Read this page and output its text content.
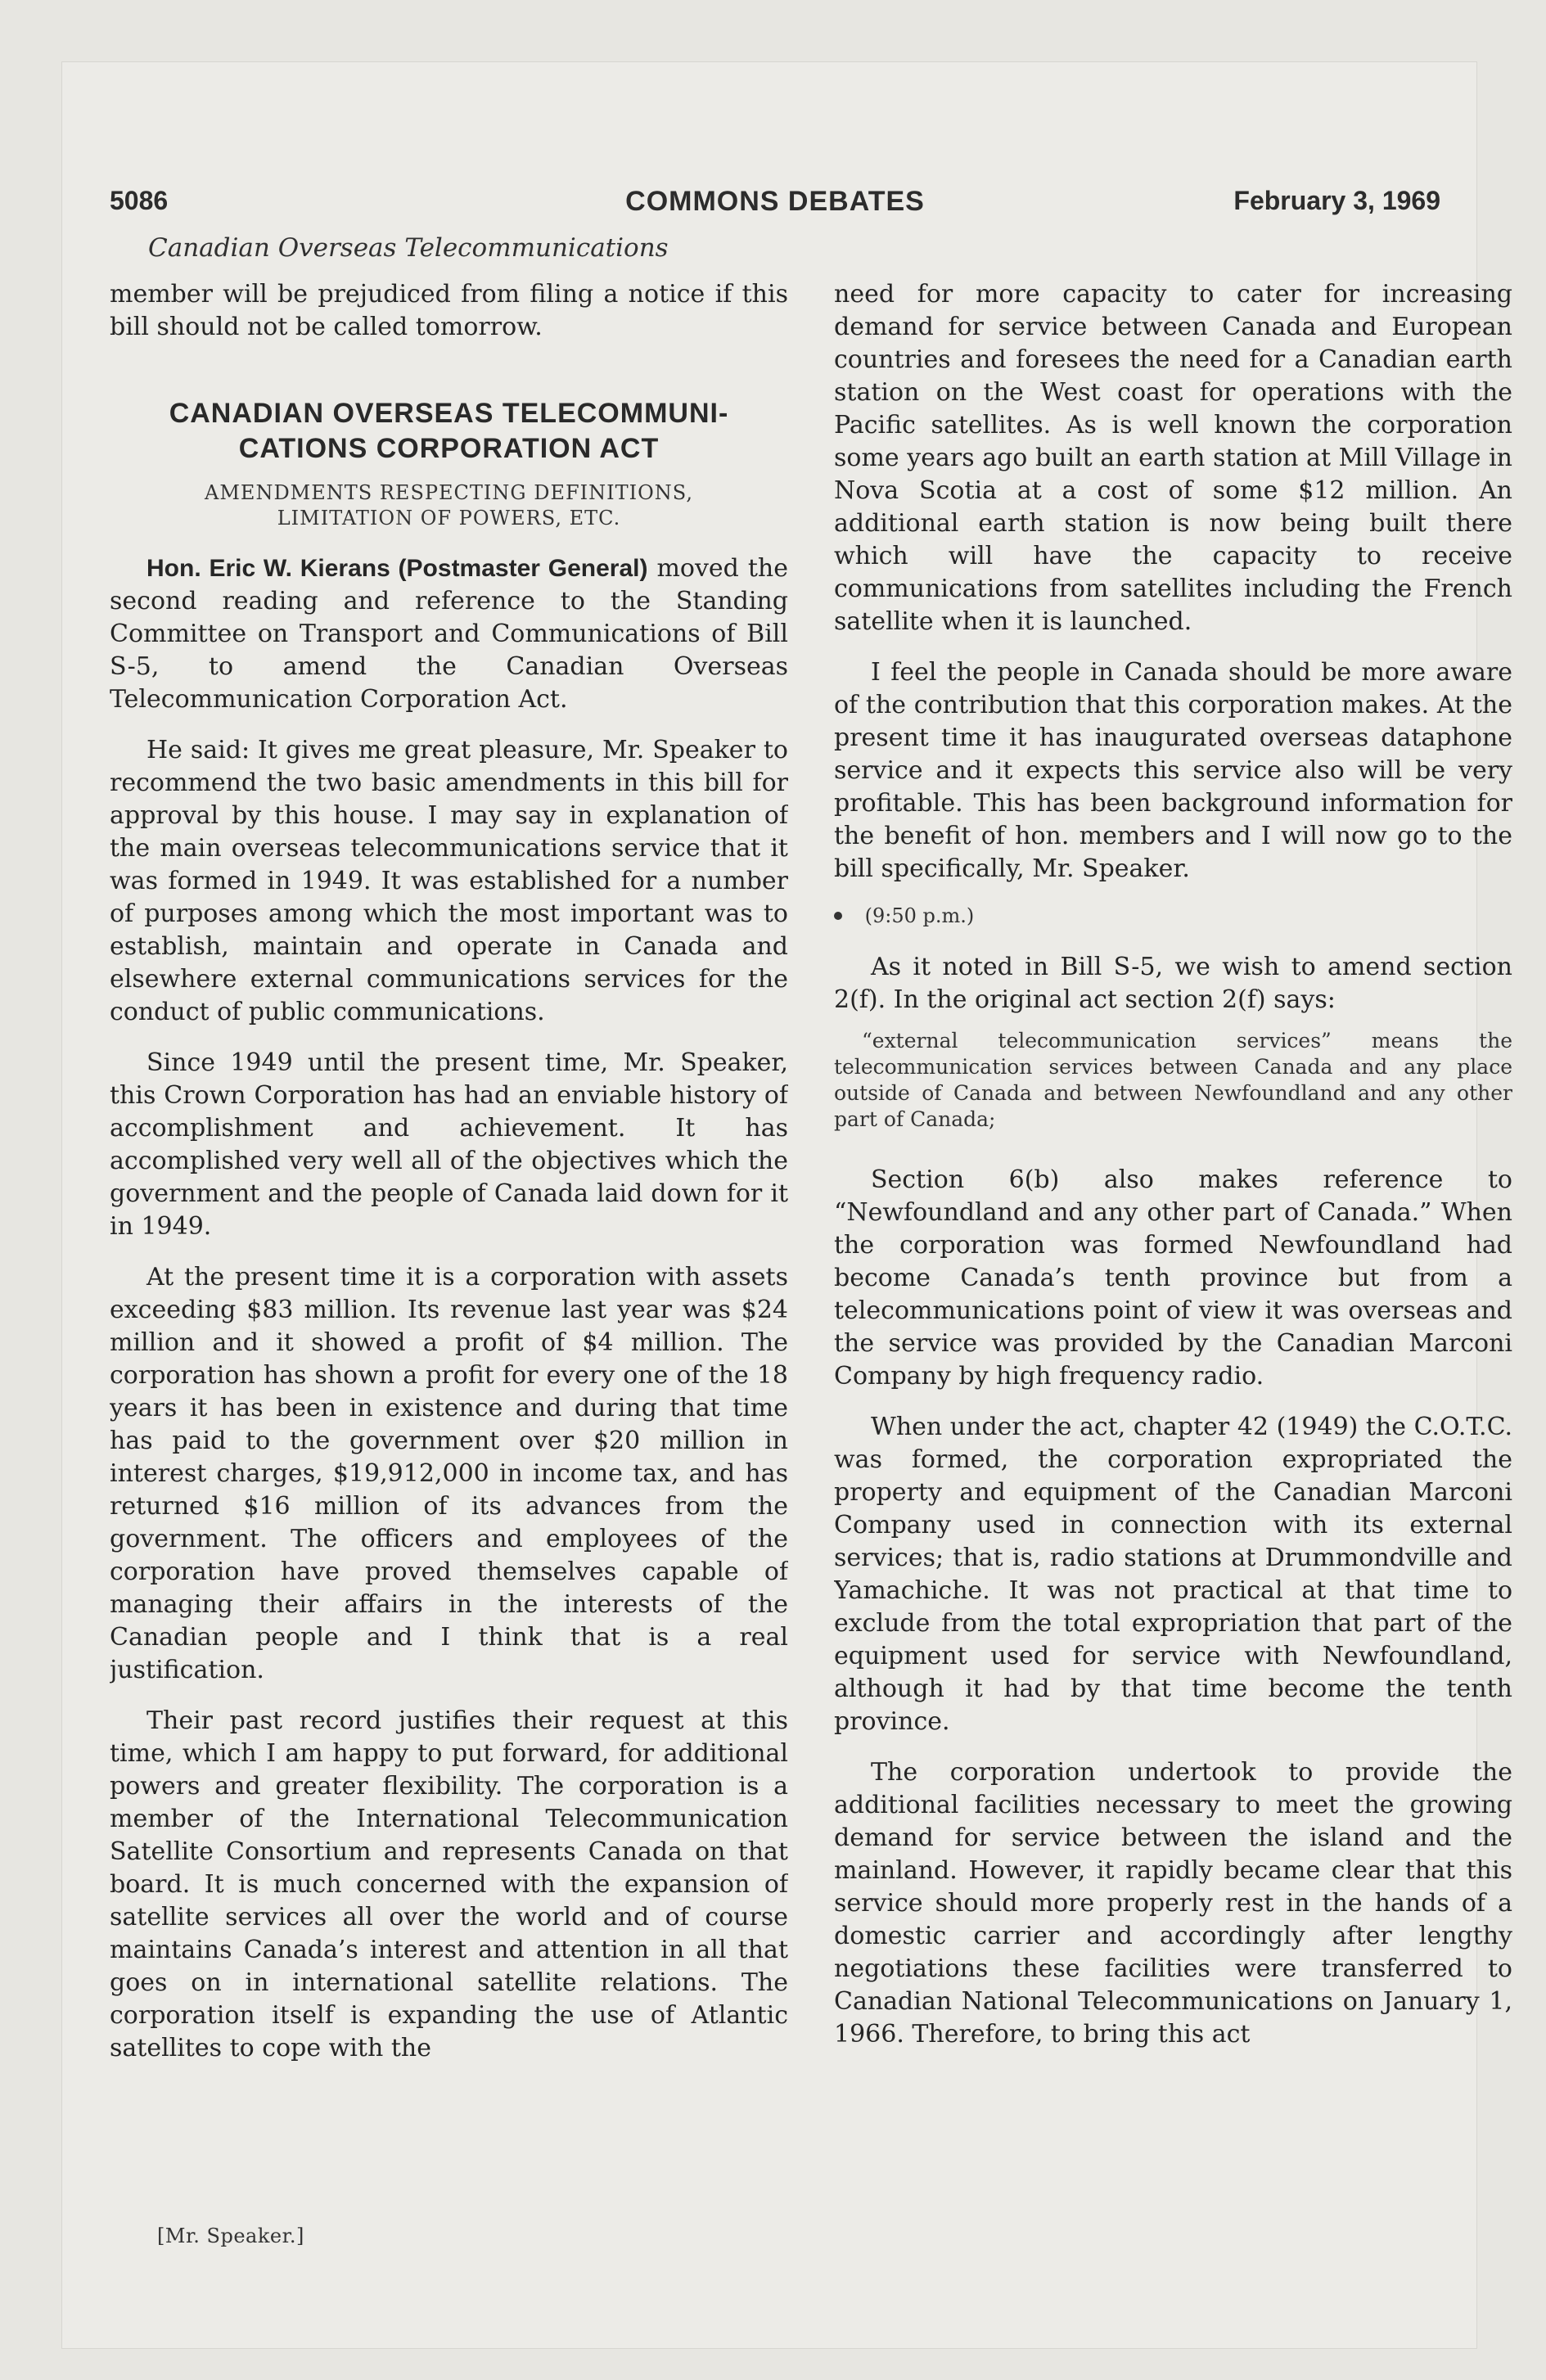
5086	COMMONS DEBATES	February 3, 1969
Canadian Overseas Telecommunications

member will be prejudiced from filing a notice if this bill should not be called tomorrow.

CANADIAN OVERSEAS TELECOMMUNI- CATIONS CORPORATION ACT
AMENDMENTS RESPECTING DEFINITIONS, LIMITATION OF POWERS, ETC.

Hon. Eric W. Kierans (Postmaster General) moved the second reading and reference to the Standing Committee on Transport and Communications of Bill S-5, to amend the Canadian Overseas Telecommunication Corporation Act.

He said: It gives me great pleasure, Mr. Speaker to recommend the two basic amendments in this bill for approval by this house. I may say in explanation of the main overseas telecommunications service that it was formed in 1949. It was established for a number of purposes among which the most important was to establish, maintain and operate in Canada and elsewhere external communications services for the conduct of public communications.

Since 1949 until the present time, Mr. Speaker, this Crown Corporation has had an enviable history of accomplishment and achievement. It has accomplished very well all of the objectives which the government and the people of Canada laid down for it in 1949.

At the present time it is a corporation with assets exceeding $83 million. Its revenue last year was $24 million and it showed a profit of $4 million. The corporation has shown a profit for every one of the 18 years it has been in existence and during that time has paid to the government over $20 million in interest charges, $19,912,000 in income tax, and has returned $16 million of its advances from the government. The officers and employees of the corporation have proved themselves capable of managing their affairs in the interests of the Canadian people and I think that is a real justification.

Their past record justifies their request at this time, which I am happy to put forward, for additional powers and greater flexibility. The corporation is a member of the International Telecommunication Satellite Consortium and represents Canada on that board. It is much concerned with the expansion of satellite services all over the world and of course maintains Canada’s interest and attention in all that goes on in international satellite relations. The corporation itself is expanding the use of Atlantic satellites to cope with the

need for more capacity to cater for increasing demand for service between Canada and European countries and foresees the need for a Canadian earth station on the West coast for operations with the Pacific satellites. As is well known the corporation some years ago built an earth station at Mill Village in Nova Scotia at a cost of some $12 million. An additional earth station is now being built there which will have the capacity to receive communications from satellites including the French satellite when it is launched.

I feel the people in Canada should be more aware of the contribution that this corporation makes. At the present time it has inaugurated overseas dataphone service and it expects this service also will be very profitable. This has been background information for the benefit of hon. members and I will now go to the bill specifically, Mr. Speaker.

(9:50 p.m.)

As it noted in Bill S-5, we wish to amend section 2(f). In the original act section 2(f) says:

“external telecommunication services” means the telecommunication services between Canada and any place outside of Canada and between Newfoundland and any other part of Canada;

Section 6(b) also makes reference to “Newfoundland and any other part of Canada.” When the corporation was formed Newfoundland had become Canada’s tenth province but from a telecommunications point of view it was overseas and the service was provided by the Canadian Marconi Company by high frequency radio.

When under the act, chapter 42 (1949) the C.O.T.C. was formed, the corporation expropriated the property and equipment of the Canadian Marconi Company used in connection with its external services; that is, radio stations at Drummondville and Yamachiche. It was not practical at that time to exclude from the total expropriation that part of the equipment used for service with Newfoundland, although it had by that time become the tenth province.

The corporation undertook to provide the additional facilities necessary to meet the growing demand for service between the island and the mainland. However, it rapidly became clear that this service should more properly rest in the hands of a domestic carrier and accordingly after lengthy negotiations these facilities were transferred to Canadian National Telecommunications on January 1, 1966. Therefore, to bring this act

[Mr. Speaker.]
